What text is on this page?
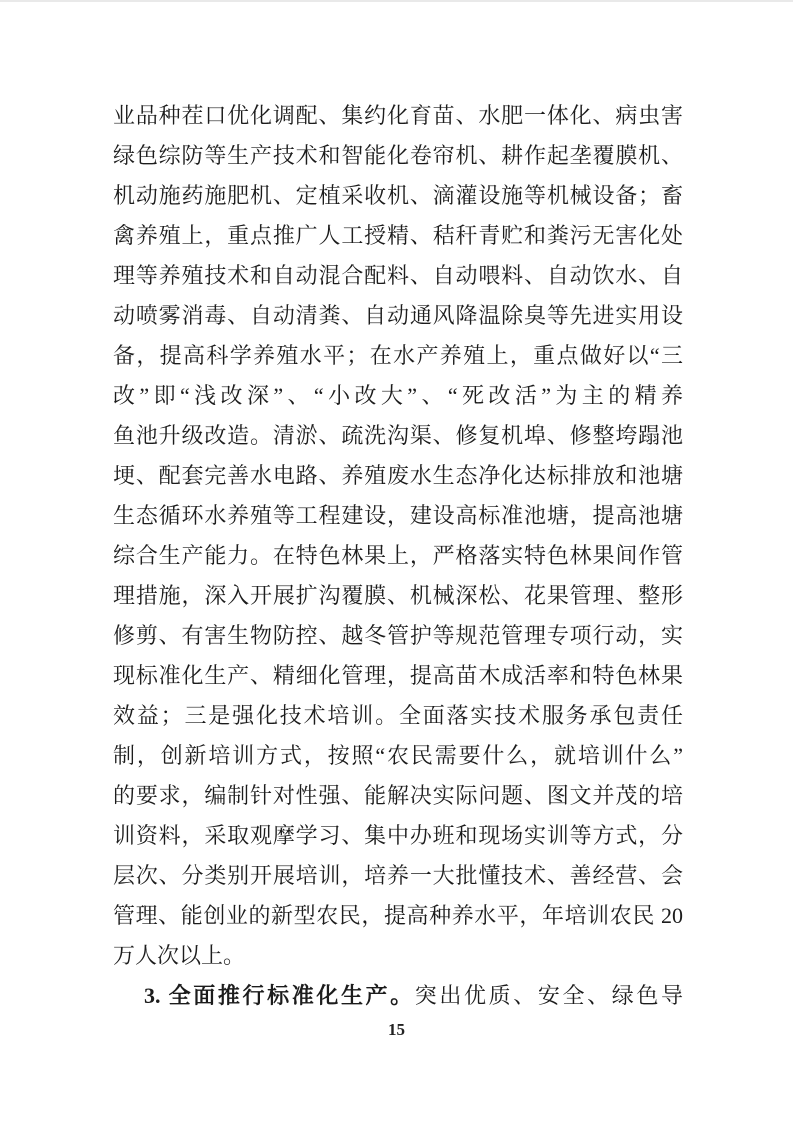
业品种茬口优化调配、集约化育苗、水肥一体化、病虫害
绿色综防等生产技术和智能化卷帘机、耕作起垄覆膜机、
机动施药施肥机、定植采收机、滴灌设施等机械设备；畜
禽养殖上，重点推广人工授精、秸秆青贮和粪污无害化处
理等养殖技术和自动混合配料、自动喂料、自动饮水、自
动喷雾消毒、自动清粪、自动通风降温除臭等先进实用设
备，提高科学养殖水平；在水产养殖上，重点做好以“三
改”即“浅改深”、“小改大”、“死改活”为主的精养
鱼池升级改造。清淤、疏洗沟渠、修复机埠、修整垮蹋池
埂、配套完善水电路、养殖废水生态净化达标排放和池塘
生态循环水养殖等工程建设，建设高标准池塘，提高池塘
综合生产能力。在特色林果上，严格落实特色林果间作管
理措施，深入开展扩沟覆膜、机械深松、花果管理、整形
修剪、有害生物防控、越冬管护等规范管理专项行动，实
现标准化生产、精细化管理，提高苗木成活率和特色林果
效益；三是强化技术培训。全面落实技术服务承包责任
制，创新培训方式，按照“农民需要什么，就培训什么”
的要求，编制针对性强、能解决实际问题、图文并茂的培
训资料，采取观摩学习、集中办班和现场实训等方式，分
层次、分类别开展培训，培养一大批懂技术、善经营、会
管理、能创业的新型农民，提高种养水平，年培训农民 20
万人次以上。
3. 全面推行标准化生产。突出优质、安全、绿色导
15
